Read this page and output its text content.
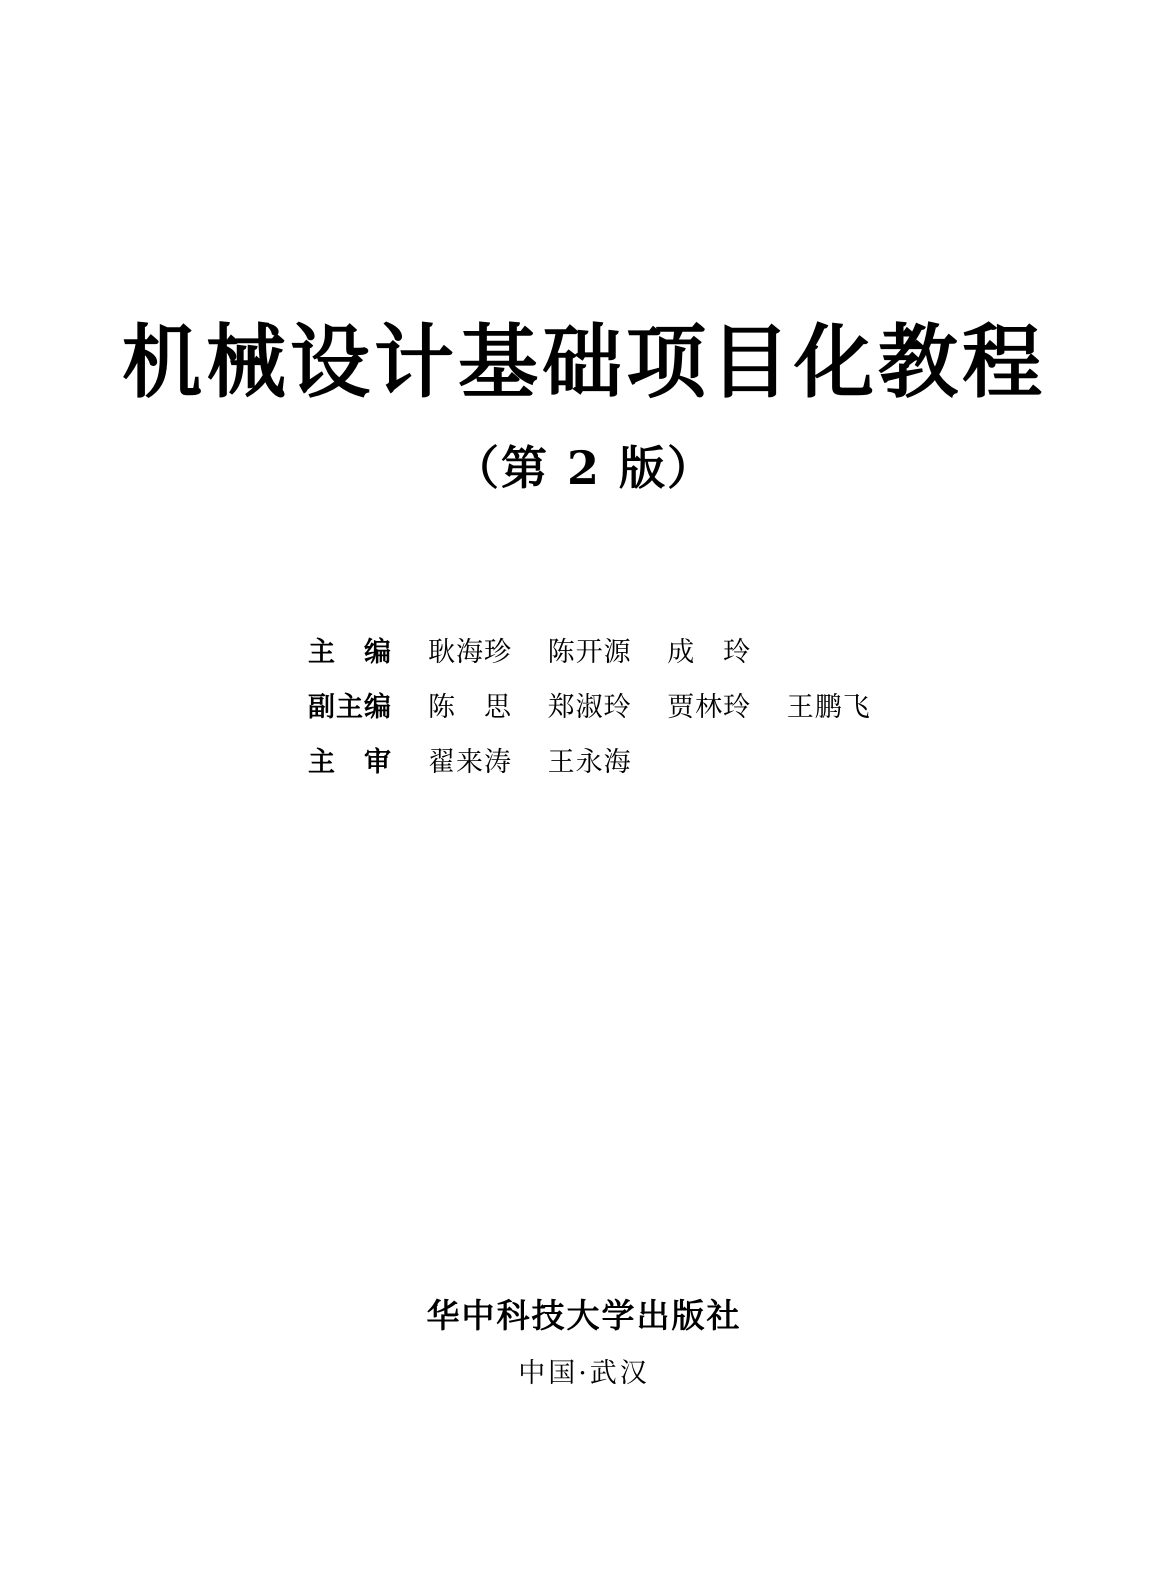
机械设计基础项目化教程
（第 2 版）
主　编	耿海珍 陈开源 成　玲
副主编	陈　思 郑淑玲 贾林玲 王鹏飞
主　审	翟来涛 王永海
华中科技大学出版社
中国·武汉
